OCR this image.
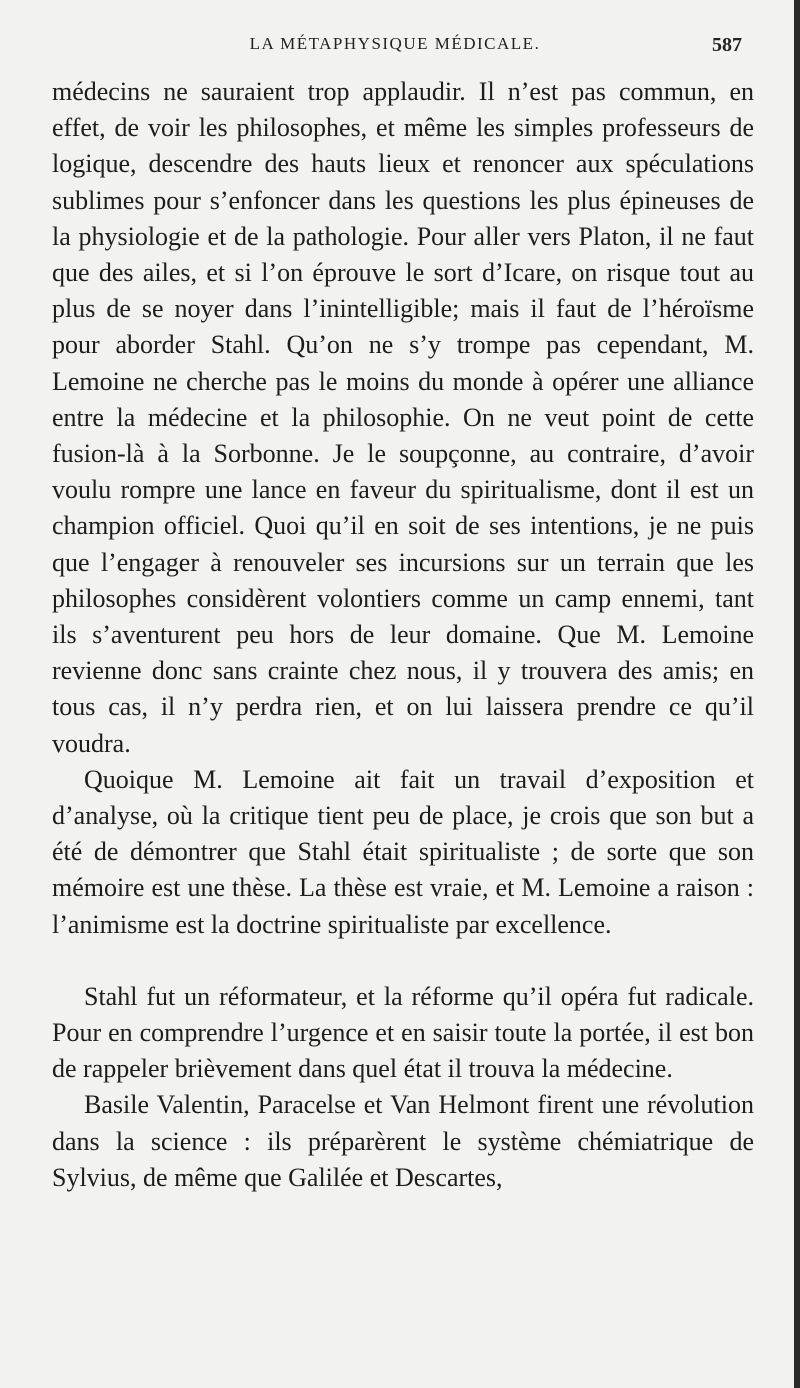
LA MÉTAPHYSIQUE MÉDICALE.	587

médecins ne sauraient trop applaudir. Il n’est pas commun, en effet, de voir les philosophes, et même les simples professeurs de logique, descendre des hauts lieux et renoncer aux spéculations sublimes pour s’enfoncer dans les questions les plus épineuses de la physiologie et de la pathologie. Pour aller vers Platon, il ne faut que des ailes, et si l’on éprouve le sort d’Icare, on risque tout au plus de se noyer dans l’inintelligible; mais il faut de l’héroïsme pour aborder Stahl. Qu’on ne s’y trompe pas cependant, M. Lemoine ne cherche pas le moins du monde à opérer une alliance entre la médecine et la philosophie. On ne veut point de cette fusion-là à la Sorbonne. Je le soupçonne, au contraire, d’avoir voulu rompre une lance en faveur du spiritualisme, dont il est un champion officiel. Quoi qu’il en soit de ses intentions, je ne puis que l’engager à renouveler ses incursions sur un terrain que les philosophes considèrent volontiers comme un camp ennemi, tant ils s’aventurent peu hors de leur domaine. Que M. Lemoine revienne donc sans crainte chez nous, il y trouvera des amis; en tous cas, il n’y perdra rien, et on lui laissera prendre ce qu’il voudra.

Quoique M. Lemoine ait fait un travail d’exposition et d’analyse, où la critique tient peu de place, je crois que son but a été de démontrer que Stahl était spiritualiste ; de sorte que son mémoire est une thèse. La thèse est vraie, et M. Lemoine a raison : l’animisme est la doctrine spiritualiste par excellence.

Stahl fut un réformateur, et la réforme qu’il opéra fut radicale. Pour en comprendre l’urgence et en saisir toute la portée, il est bon de rappeler brièvement dans quel état il trouva la médecine.

Basile Valentin, Paracelse et Van Helmont firent une révolution dans la science : ils préparèrent le système chémiatrique de Sylvius, de même que Galilée et Descartes,
